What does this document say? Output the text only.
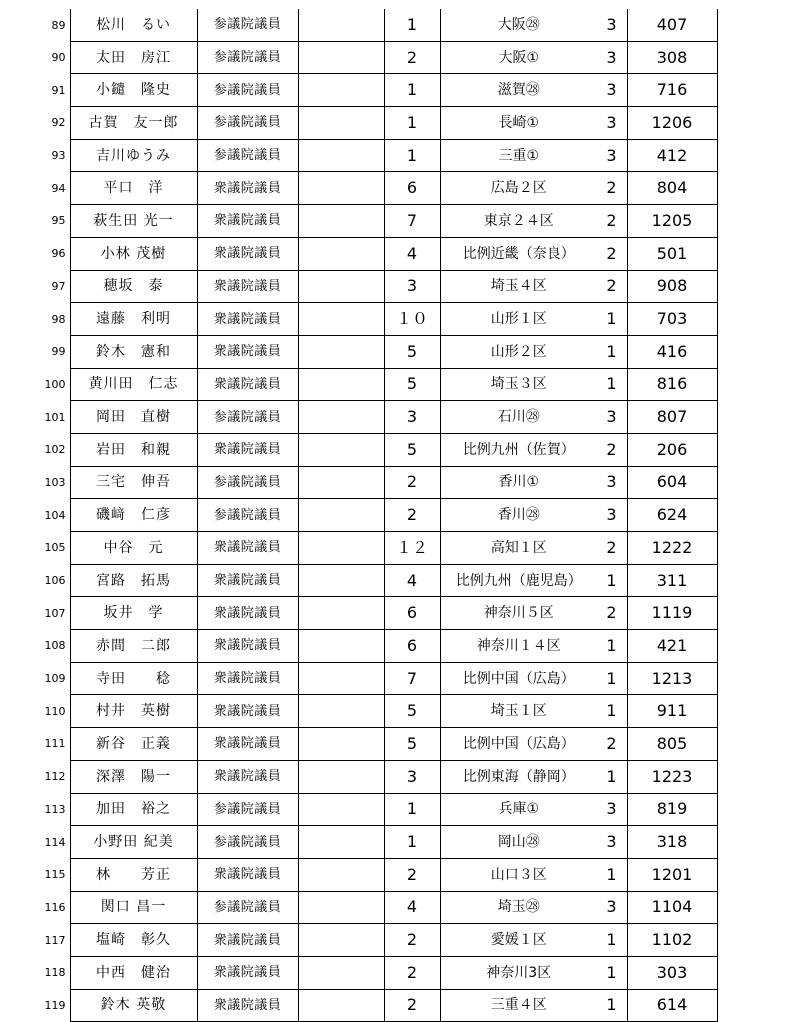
89	松川　るい	参議院議員		1	大阪㉘	3	407
90	太田　房江	参議院議員		2	大阪①	3	308
91	小鑓　隆史	参議院議員		1	滋賀㉘	3	716
92	古賀　友一郎	参議院議員		1	長崎①	3	1206
93	吉川ゆうみ	参議院議員		1	三重①	3	412
94	平口　洋	衆議院議員		6	広島２区	2	804
95	萩生田 光一	衆議院議員		7	東京２４区	2	1205
96	小林 茂樹	衆議院議員		4	比例近畿（奈良）	2	501
97	穂坂　泰	衆議院議員		3	埼玉４区	2	908
98	遠藤　利明	衆議院議員		１０	山形１区	1	703
99	鈴木　憲和	衆議院議員		5	山形２区	1	416
100	黄川田　仁志	衆議院議員		5	埼玉３区	1	816
101	岡田　直樹	参議院議員		3	石川㉘	3	807
102	岩田　和親	衆議院議員		5	比例九州（佐賀）	2	206
103	三宅　伸吾	参議院議員		2	香川①	3	604
104	磯﨑　仁彦	参議院議員		2	香川㉘	3	624
105	中谷　元	衆議院議員		１２	高知１区	2	1222
106	宮路　拓馬	衆議院議員		4	比例九州（鹿児島）	1	311
107	坂井　学	衆議院議員		6	神奈川５区	2	1119
108	赤間　二郎	衆議院議員		6	神奈川１４区	1	421
109	寺田　　稔	衆議院議員		7	比例中国（広島）	1	1213
110	村井　英樹	衆議院議員		5	埼玉１区	1	911
111	新谷　正義	衆議院議員		5	比例中国（広島）	2	805
112	深澤　陽一	衆議院議員		3	比例東海（静岡）	1	1223
113	加田　裕之	参議院議員		1	兵庫①	3	819
114	小野田 紀美	参議院議員		1	岡山㉘	3	318
115	林　　芳正	衆議院議員		2	山口３区	1	1201
116	関口 昌一	参議院議員		4	埼玉㉘	3	1104
117	塩崎　彰久	衆議院議員		2	愛媛１区	1	1102
118	中西　健治	衆議院議員		2	神奈川3区	1	303
119	鈴木 英敬	衆議院議員		2	三重４区	1	614
